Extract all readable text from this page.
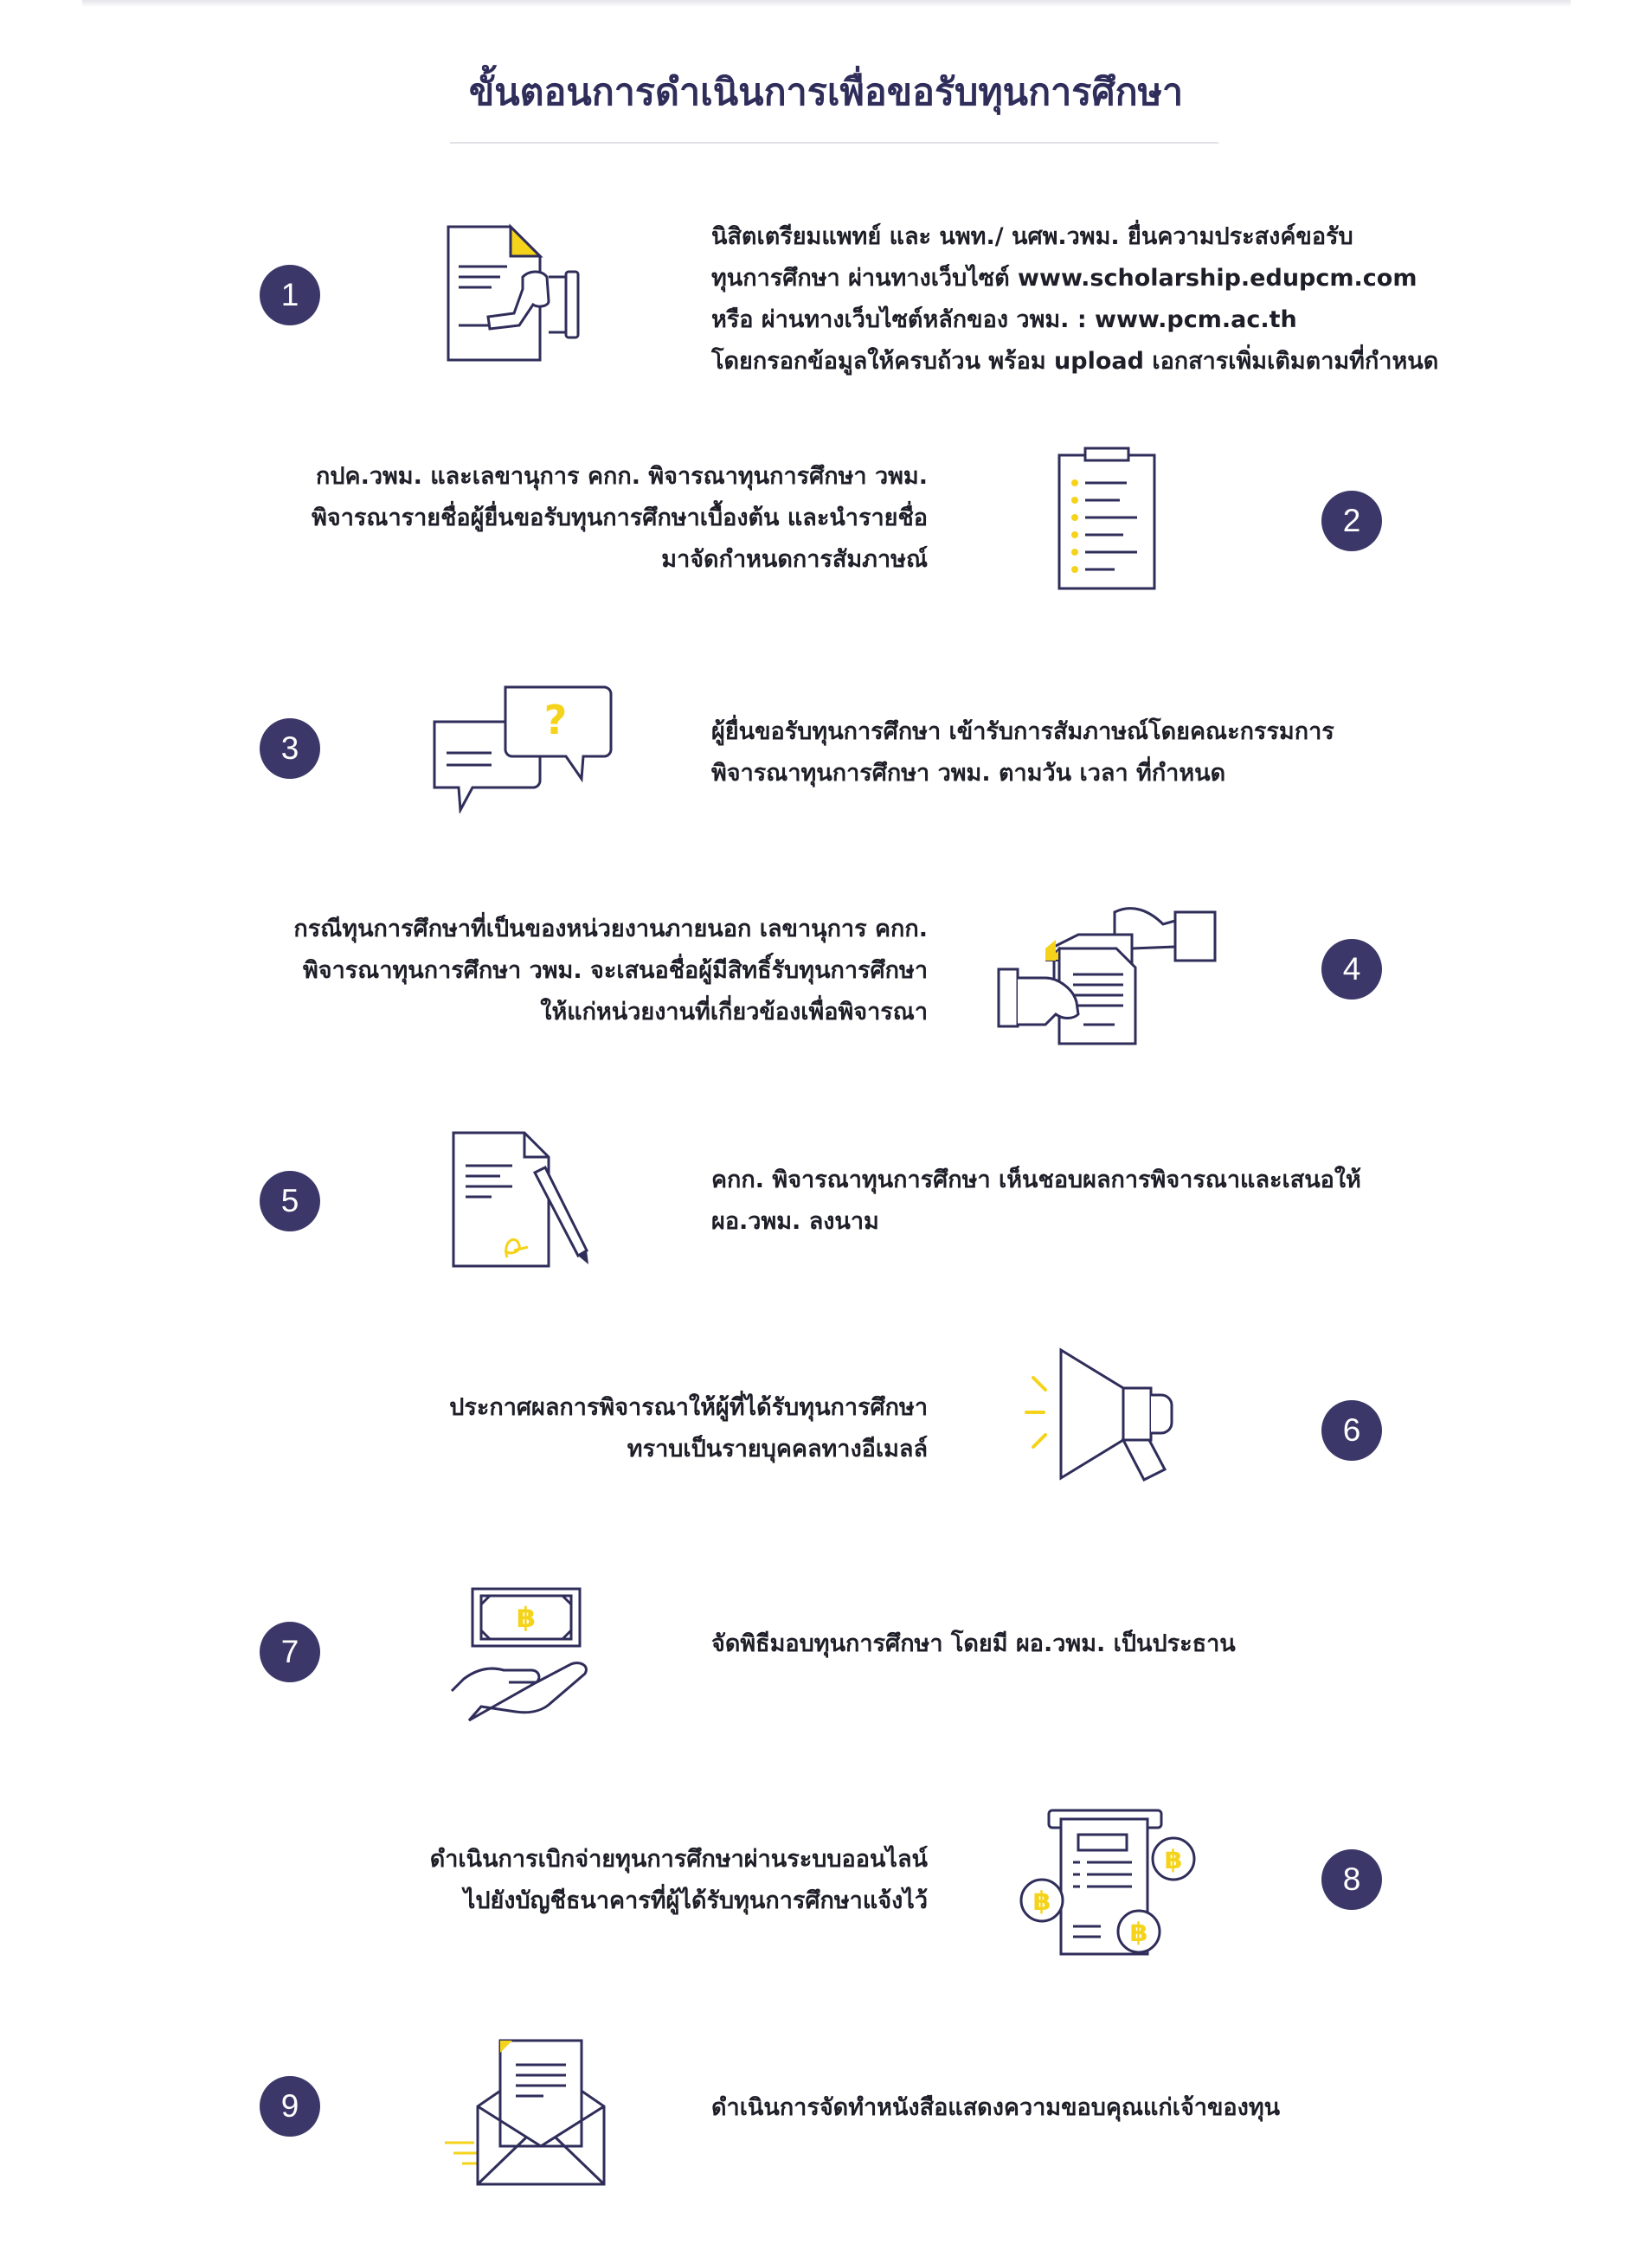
ขั้นตอนการดำเนินการเพื่อขอรับทุนการศึกษา
1
นิสิตเตรียมแพทย์ และ นพท./ นศพ.วพม. ยื่นความประสงค์ขอรับ
ทุนการศึกษา ผ่านทางเว็บไซต์ www.scholarship.edupcm.com
หรือ ผ่านทางเว็บไซต์หลักของ วพม. : www.pcm.ac.th
โดยกรอกข้อมูลให้ครบถ้วน พร้อม upload เอกสารเพิ่มเติมตามที่กำหนด
2
กปค.วพม. และเลขานุการ คกก. พิจารณาทุนการศึกษา วพม.
พิจารณารายชื่อผู้ยื่นขอรับทุนการศึกษาเบื้องต้น และนำรายชื่อ
มาจัดกำหนดการสัมภาษณ์
3
?	ผู้ยื่นขอรับทุนการศึกษา เข้ารับการสัมภาษณ์โดยคณะกรรมการ
พิจารณาทุนการศึกษา วพม. ตามวัน เวลา ที่กำหนด
4
กรณีทุนการศึกษาที่เป็นของหน่วยงานภายนอก เลขานุการ คกก.
พิจารณาทุนการศึกษา วพม. จะเสนอชื่อผู้มีสิทธิ์รับทุนการศึกษา
ให้แก่หน่วยงานที่เกี่ยวข้องเพื่อพิจารณา
5
คกก. พิจารณาทุนการศึกษา เห็นชอบผลการพิจารณาและเสนอให้
ผอ.วพม. ลงนาม
6
ประกาศผลการพิจารณาให้ผู้ที่ได้รับทุนการศึกษา
ทราบเป็นรายบุคคลทางอีเมลล์
7
฿
จัดพิธีมอบทุนการศึกษา โดยมี ผอ.วพม. เป็นประธาน
8
฿
฿
฿
ดำเนินการเบิกจ่ายทุนการศึกษาผ่านระบบออนไลน์
ไปยังบัญชีธนาคารที่ผู้ได้รับทุนการศึกษาแจ้งไว้
9	ดำเนินการจัดทำหนังสือแสดงความขอบคุณแก่เจ้าของทุน
